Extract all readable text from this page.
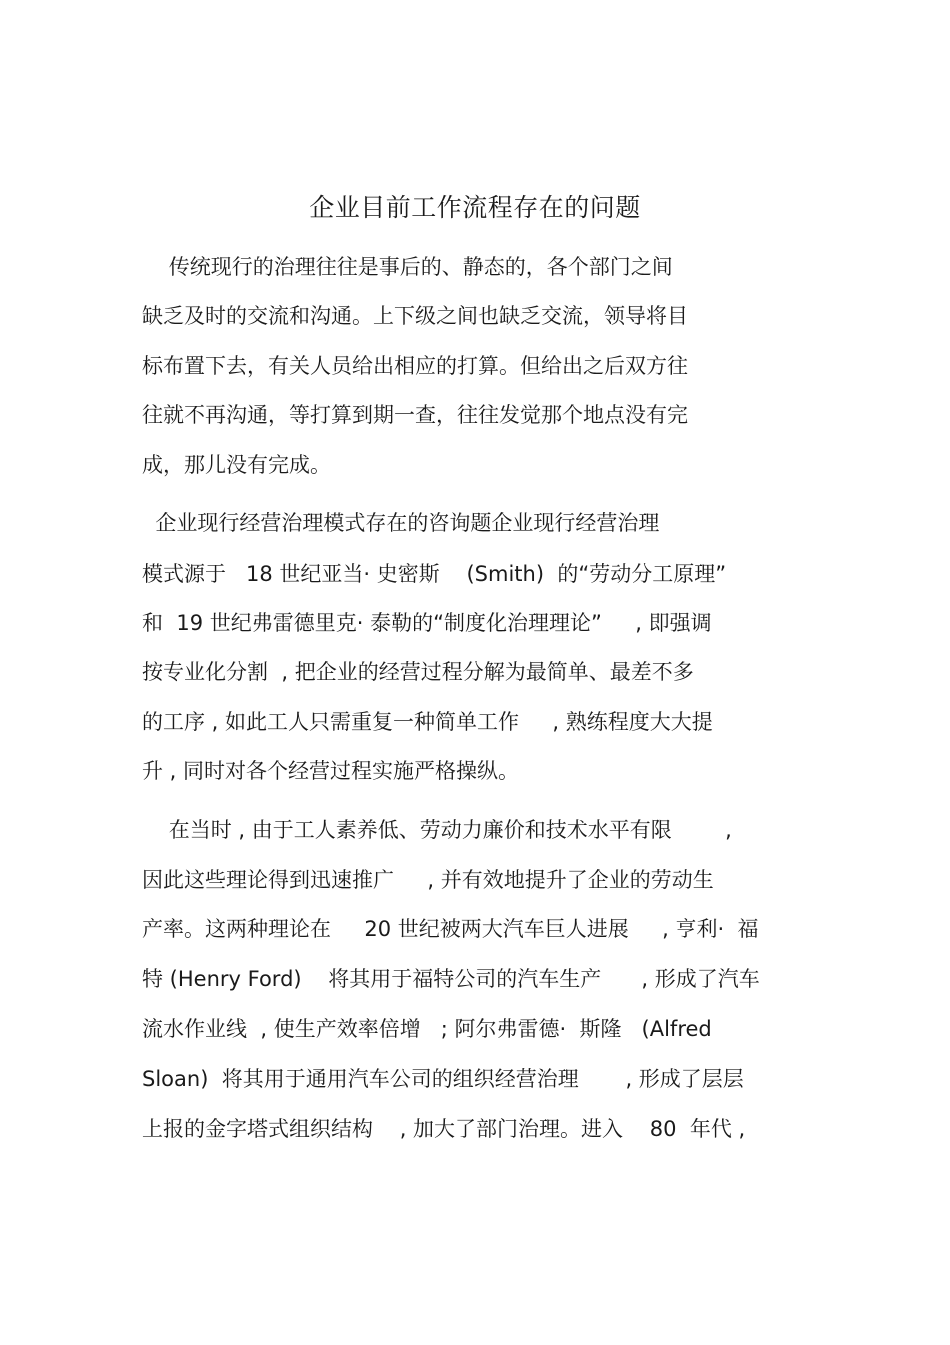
企业目前工作流程存在的问题
传统现行的治理往往是事后的、静态的，各个部门之间
缺乏及时的交流和沟通。上下级之间也缺乏交流，领导将目
标布置下去，有关人员给出相应的打算。但给出之后双方往
往就不再沟通，等打算到期一查，往往发觉那个地点没有完
成，那儿没有完成。
企业现行经营治理模式存在的咨询题企业现行经营治理
模式源于   18 世纪亚当· 史密斯    (Smith)  的“劳动分工原理”
和  19 世纪弗雷德里克· 泰勒的“制度化治理理论”     , 即强调
按专业化分割  , 把企业的经营过程分解为最简单、最差不多
的工序 , 如此工人只需重复一种简单工作     , 熟练程度大大提
升 , 同时对各个经营过程实施严格操纵。
在当时 , 由于工人素养低、劳动力廉价和技术水平有限        ,
因此这些理论得到迅速推广     , 并有效地提升了企业的劳动生
产率。这两种理论在     20 世纪被两大汽车巨人进展     , 亨利·  福
特 (Henry Ford)    将其用于福特公司的汽车生产      , 形成了汽车
流水作业线  , 使生产效率倍增   ; 阿尔弗雷德·  斯隆   (Alfred
Sloan)  将其用于通用汽车公司的组织经营治理       , 形成了层层
上报的金字塔式组织结构    , 加大了部门治理。进入    80  年代 ,
